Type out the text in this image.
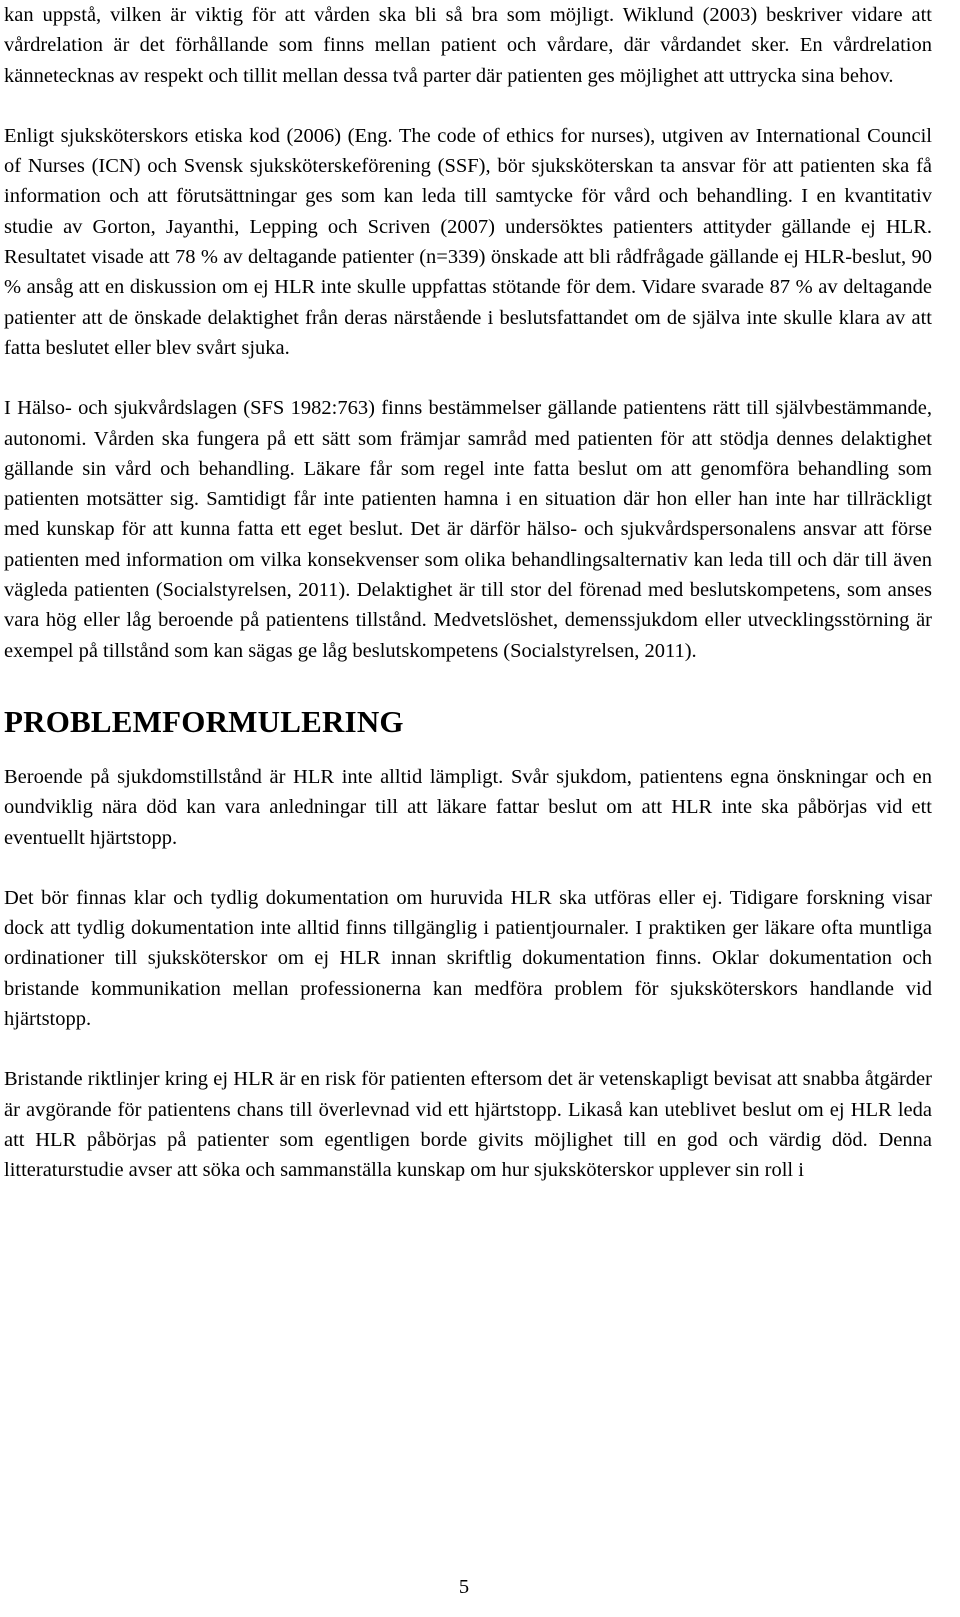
kan uppstå, vilken är viktig för att vården ska bli så bra som möjligt. Wiklund (2003) beskriver vidare att vårdrelation är det förhållande som finns mellan patient och vårdare, där vårdandet sker. En vårdrelation kännetecknas av respekt och tillit mellan dessa två parter där patienten ges möjlighet att uttrycka sina behov.

Enligt sjuksköterskors etiska kod (2006) (Eng. The code of ethics for nurses), utgiven av International Council of Nurses (ICN) och Svensk sjuksköterskeförening (SSF), bör sjuksköterskan ta ansvar för att patienten ska få information och att förutsättningar ges som kan leda till samtycke för vård och behandling. I en kvantitativ studie av Gorton, Jayanthi, Lepping och Scriven (2007) undersöktes patienters attityder gällande ej HLR. Resultatet visade att 78 % av deltagande patienter (n=339) önskade att bli rådfrågade gällande ej HLR-beslut, 90 % ansåg att en diskussion om ej HLR inte skulle uppfattas stötande för dem. Vidare svarade 87 % av deltagande patienter att de önskade delaktighet från deras närstående i beslutsfattandet om de själva inte skulle klara av att fatta beslutet eller blev svårt sjuka.

I Hälso- och sjukvårdslagen (SFS 1982:763) finns bestämmelser gällande patientens rätt till självbestämmande, autonomi. Vården ska fungera på ett sätt som främjar samråd med patienten för att stödja dennes delaktighet gällande sin vård och behandling. Läkare får som regel inte fatta beslut om att genomföra behandling som patienten motsätter sig. Samtidigt får inte patienten hamna i en situation där hon eller han inte har tillräckligt med kunskap för att kunna fatta ett eget beslut. Det är därför hälso- och sjukvårdspersonalens ansvar att förse patienten med information om vilka konsekvenser som olika behandlingsalternativ kan leda till och där till även vägleda patienten (Socialstyrelsen, 2011). Delaktighet är till stor del förenad med beslutskompetens, som anses vara hög eller låg beroende på patientens tillstånd. Medvetslöshet, demenssjukdom eller utvecklingsstörning är exempel på tillstånd som kan sägas ge låg beslutskompetens (Socialstyrelsen, 2011).

PROBLEMFORMULERING

Beroende på sjukdomstillstånd är HLR inte alltid lämpligt. Svår sjukdom, patientens egna önskningar och en oundviklig nära död kan vara anledningar till att läkare fattar beslut om att HLR inte ska påbörjas vid ett eventuellt hjärtstopp.

Det bör finnas klar och tydlig dokumentation om huruvida HLR ska utföras eller ej. Tidigare forskning visar dock att tydlig dokumentation inte alltid finns tillgänglig i patientjournaler. I praktiken ger läkare ofta muntliga ordinationer till sjuksköterskor om ej HLR innan skriftlig dokumentation finns. Oklar dokumentation och bristande kommunikation mellan professionerna kan medföra problem för sjuksköterskors handlande vid hjärtstopp.

Bristande riktlinjer kring ej HLR är en risk för patienten eftersom det är vetenskapligt bevisat att snabba åtgärder är avgörande för patientens chans till överlevnad vid ett hjärtstopp. Likaså kan uteblivet beslut om ej HLR leda att HLR påbörjas på patienter som egentligen borde givits möjlighet till en god och värdig död. Denna litteraturstudie avser att söka och sammanställa kunskap om hur sjuksköterskor upplever sin roll i

5
